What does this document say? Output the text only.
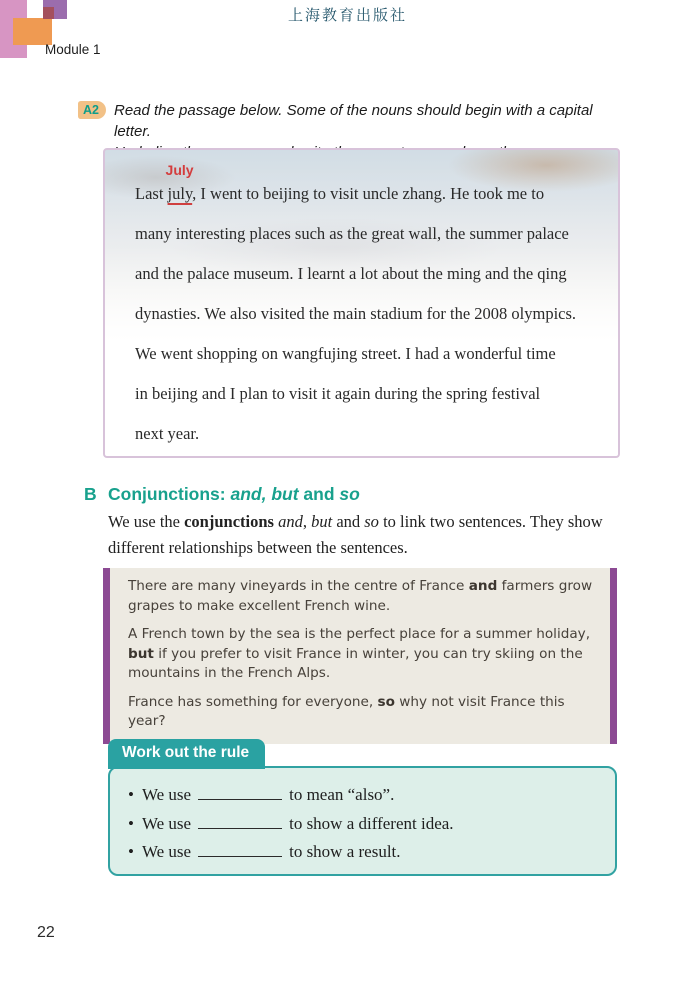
上海教育出版社
Module 1
A2	Read the passage below. Some of the nouns should begin with a capital letter.
Last
July
july, I went to beijing to visit uncle zhang. He took me to
many interesting places such as the great wall, the summer palace
and the palace museum. I learnt a lot about the ming and the qing
dynasties. We also visited the main stadium for the 2008 olympics.
We went shopping on wangfujing street. I had a wonderful time
in beijing and I plan to visit it again during the spring festival
next year.
B Conjunctions: and, but and so
We use the conjunctions and, but and so to link two sentences. They show different relationships between the sentences.

There are many vineyards in the centre of France and farmers grow grapes to make excellent French wine.

A French town by the sea is the perfect place for a summer holiday, but if you prefer to visit France in winter, you can try skiing on the mountains in the French Alps.

France has something for everyone, so why not visit France this year?

Work out the rule
• We use	to mean “also”.
• We use	to show a different idea.
• We use	to show a result.
22
